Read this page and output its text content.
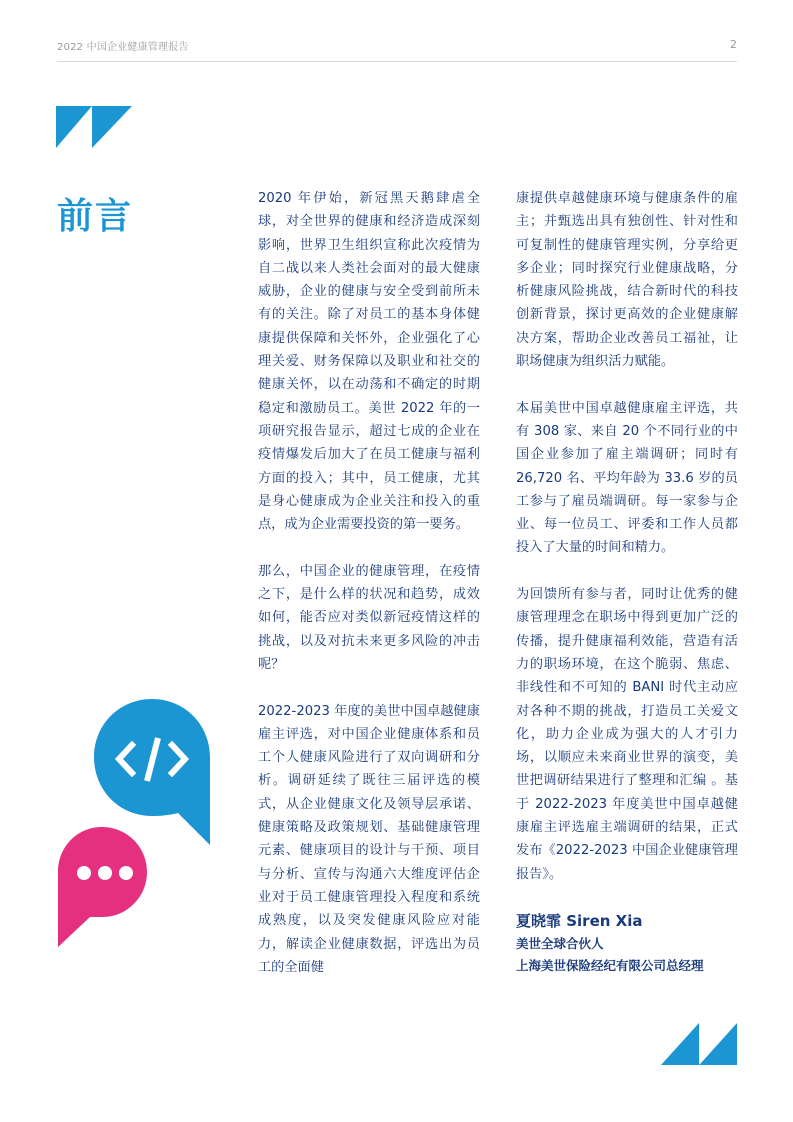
2022 中国企业健康管理报告	2
前言	2020 年伊始，新冠黑天鹅肆虐全球，对全世界的健康和经济造成深刻影响，世界卫生组织宣称此次疫情为自二战以来人类社会面对的最大健康威胁，企业的健康与安全受到前所未有的关注。除了对员工的基本身体健康提供保障和关怀外，企业强化了心理关爱、财务保障以及职业和社交的健康关怀，以在动荡和不确定的时期稳定和激励员工。美世 2022 年的一项研究报告显示，超过七成的企业在疫情爆发后加大了在员工健康与福利方面的投入；其中，员工健康，尤其是身心健康成为企业关注和投入的重点，成为企业需要投资的第一要务。

那么，中国企业的健康管理，在疫情之下，是什么样的状况和趋势，成效如何，能否应对类似新冠疫情这样的挑战，以及对抗未来更多风险的冲击呢？

2022-2023 年度的美世中国卓越健康雇主评选，对中国企业健康体系和员工个人健康风险进行了双向调研和分析。调研延续了既往三届评选的模式，从企业健康文化及领导层承诺、健康策略及政策规划、基础健康管理元素、健康项目的设计与干预、项目与分析、宣传与沟通六大维度评估企业对于员工健康管理投入程度和系统成熟度，以及突发健康风险应对能力，解读企业健康数据，评选出为员工的全面健

康提供卓越健康环境与健康条件的雇主；并甄选出具有独创性、针对性和可复制性的健康管理实例，分享给更多企业；同时探究行业健康战略，分析健康风险挑战，结合新时代的科技创新背景，探讨更高效的企业健康解决方案，帮助企业改善员工福祉，让职场健康为组织活力赋能。

本届美世中国卓越健康雇主评选，共有 308 家、来自 20 个不同行业的中国企业参加了雇主端调研；同时有 26,720 名、平均年龄为 33.6 岁的员工参与了雇员端调研。每一家参与企业、每一位员工、评委和工作人员都投入了大量的时间和精力。

为回馈所有参与者，同时让优秀的健康管理理念在职场中得到更加广泛的传播，提升健康福利效能，营造有活力的职场环境，在这个脆弱、焦虑、非线性和不可知的 BANI 时代主动应对各种不期的挑战，打造员工关爱文化，助力企业成为强大的人才引力场，以顺应未来商业世界的演变，美世把调研结果进行了整理和汇编 。基于 2022-2023 年度美世中国卓越健康雇主评选雇主端调研的结果，正式发布《2022-2023 中国企业健康管理报告》。

夏晓霏 Siren Xia
美世全球合伙人
上海美世保险经纪有限公司总经理
